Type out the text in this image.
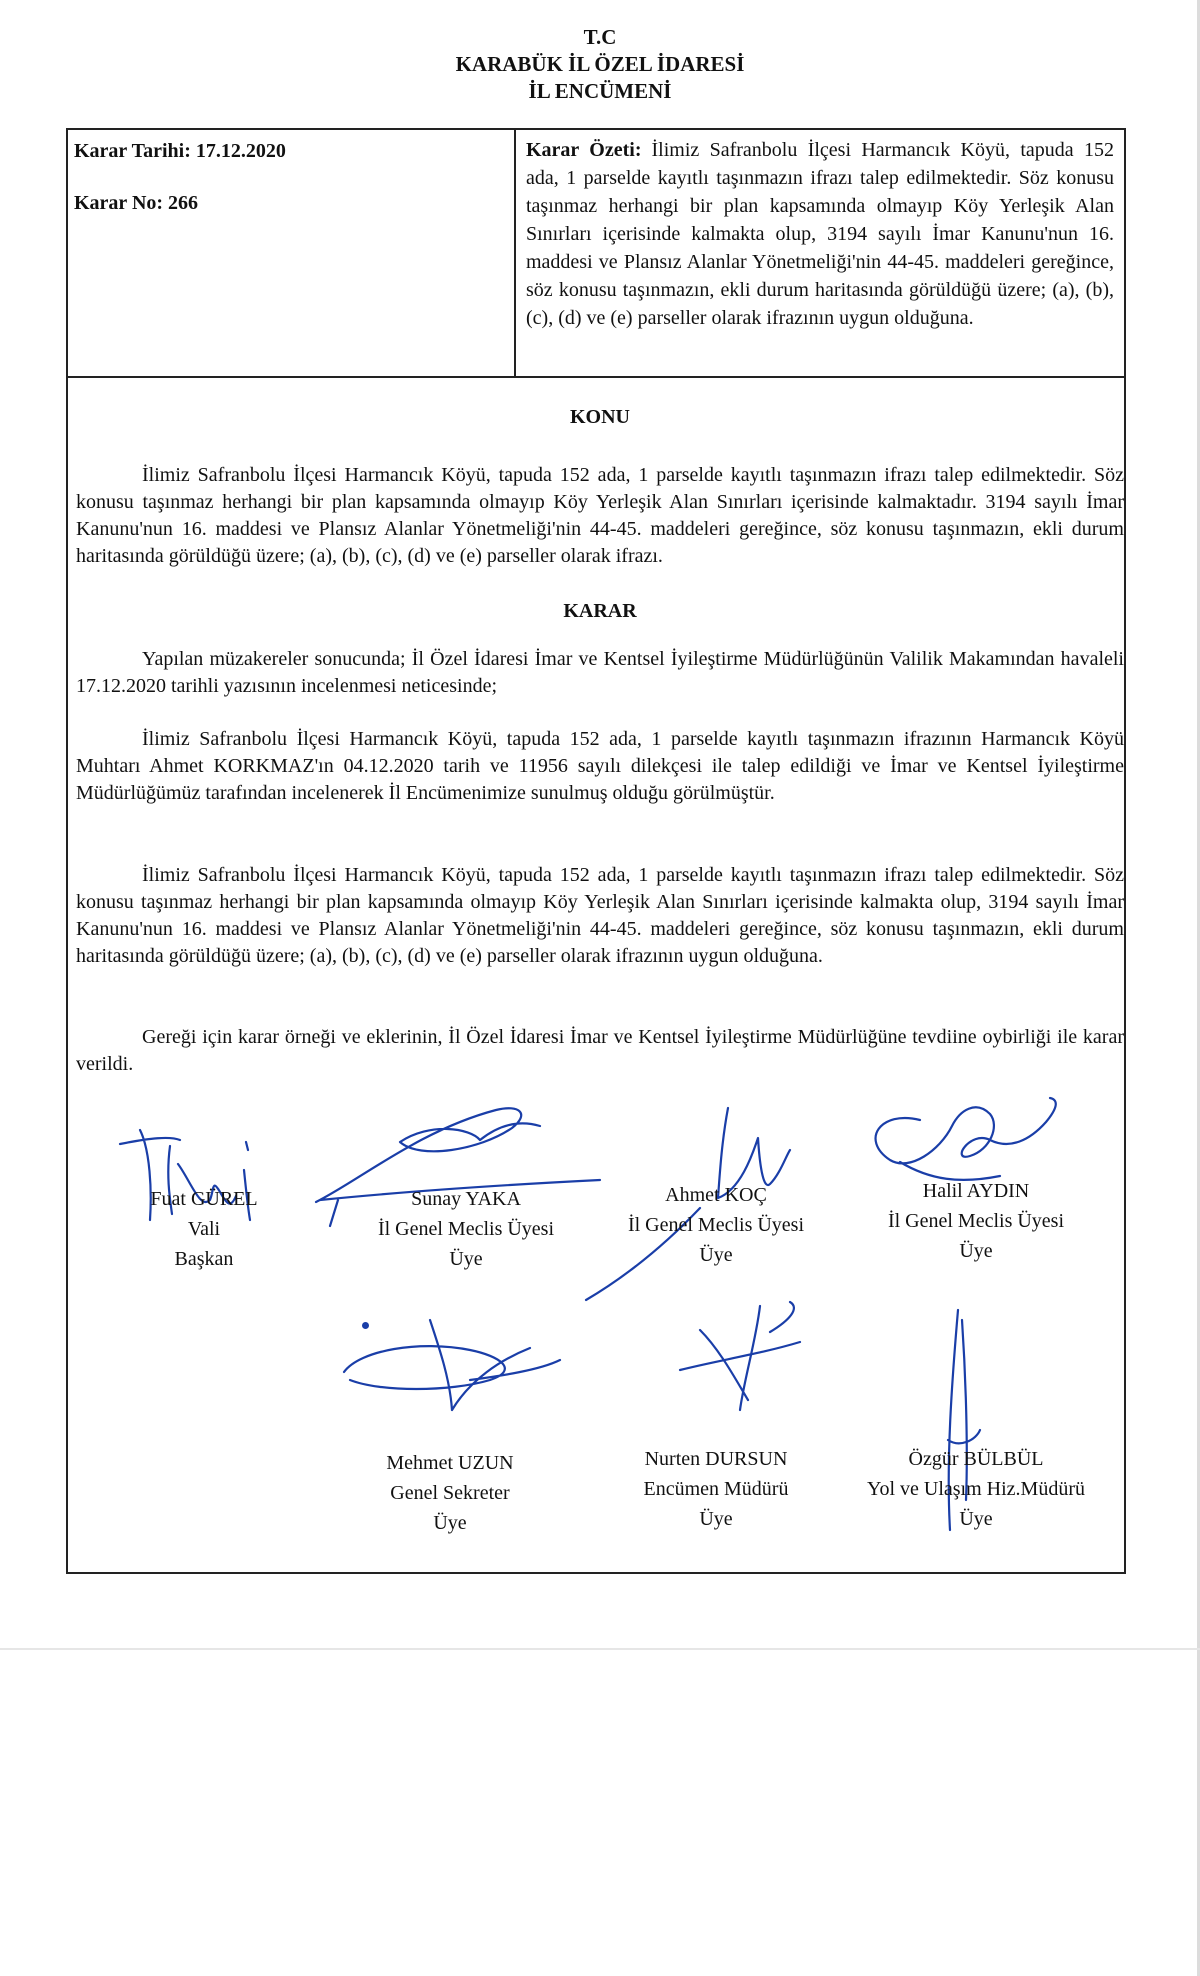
T.C
KARABÜK İL ÖZEL İDARESİ
İL ENCÜMENİ
Karar Tarihi: 17.12.2020
Karar No: 266
Karar Özeti: İlimiz Safranbolu İlçesi Harmancık Köyü, tapuda 152 ada, 1 parselde kayıtlı taşınmazın ifrazı talep edilmektedir. Söz konusu taşınmaz herhangi bir plan kapsamında olmayıp Köy Yerleşik Alan Sınırları içerisinde kalmakta olup, 3194 sayılı İmar Kanunu'nun 16. maddesi ve Plansız Alanlar Yönetmeliği'nin 44-45. maddeleri gereğince, söz konusu taşınmazın, ekli durum haritasında görüldüğü üzere; (a), (b), (c), (d) ve (e) parseller olarak ifrazının uygun olduğuna.
KONU
İlimiz Safranbolu İlçesi Harmancık Köyü, tapuda 152 ada, 1 parselde kayıtlı taşınmazın ifrazı talep edilmektedir. Söz konusu taşınmaz herhangi bir plan kapsamında olmayıp Köy Yerleşik Alan Sınırları içerisinde kalmaktadır. 3194 sayılı İmar Kanunu'nun 16. maddesi ve Plansız Alanlar Yönetmeliği'nin 44-45. maddeleri gereğince, söz konusu taşınmazın, ekli durum haritasında görüldüğü üzere; (a), (b), (c), (d) ve (e) parseller olarak ifrazı.
KARAR
Yapılan müzakereler sonucunda; İl Özel İdaresi İmar ve Kentsel İyileştirme Müdürlüğünün Valilik Makamından havaleli 17.12.2020 tarihli yazısının incelenmesi neticesinde;
İlimiz Safranbolu İlçesi Harmancık Köyü, tapuda 152 ada, 1 parselde kayıtlı taşınmazın ifrazının Harmancık Köyü Muhtarı Ahmet KORKMAZ'ın 04.12.2020 tarih ve 11956 sayılı dilekçesi ile talep edildiği ve İmar ve Kentsel İyileştirme Müdürlüğümüz tarafından incelenerek İl Encümenimize sunulmuş olduğu görülmüştür.
İlimiz Safranbolu İlçesi Harmancık Köyü, tapuda 152 ada, 1 parselde kayıtlı taşınmazın ifrazı talep edilmektedir. Söz konusu taşınmaz herhangi bir plan kapsamında olmayıp Köy Yerleşik Alan Sınırları içerisinde kalmakta olup, 3194 sayılı İmar Kanunu'nun 16. maddesi ve Plansız Alanlar Yönetmeliği'nin 44-45. maddeleri gereğince, söz konusu taşınmazın, ekli durum haritasında görüldüğü üzere; (a), (b), (c), (d) ve (e) parseller olarak ifrazının uygun olduğuna.
Gereği için karar örneği ve eklerinin, İl Özel İdaresi İmar ve Kentsel İyileştirme Müdürlüğüne tevdiine oybirliği ile karar verildi.
Fuat GÜREL
Vali
Başkan
Sunay YAKA
İl Genel Meclis Üyesi
Üye
Ahmet KOÇ
İl Genel Meclis Üyesi
Üye
Halil AYDIN
İl Genel Meclis Üyesi
Üye
Mehmet UZUN
Genel Sekreter
Üye
Nurten DURSUN
Encümen Müdürü
Üye
Özgür BÜLBÜL
Yol ve Ulaşım Hiz.Müdürü
Üye
